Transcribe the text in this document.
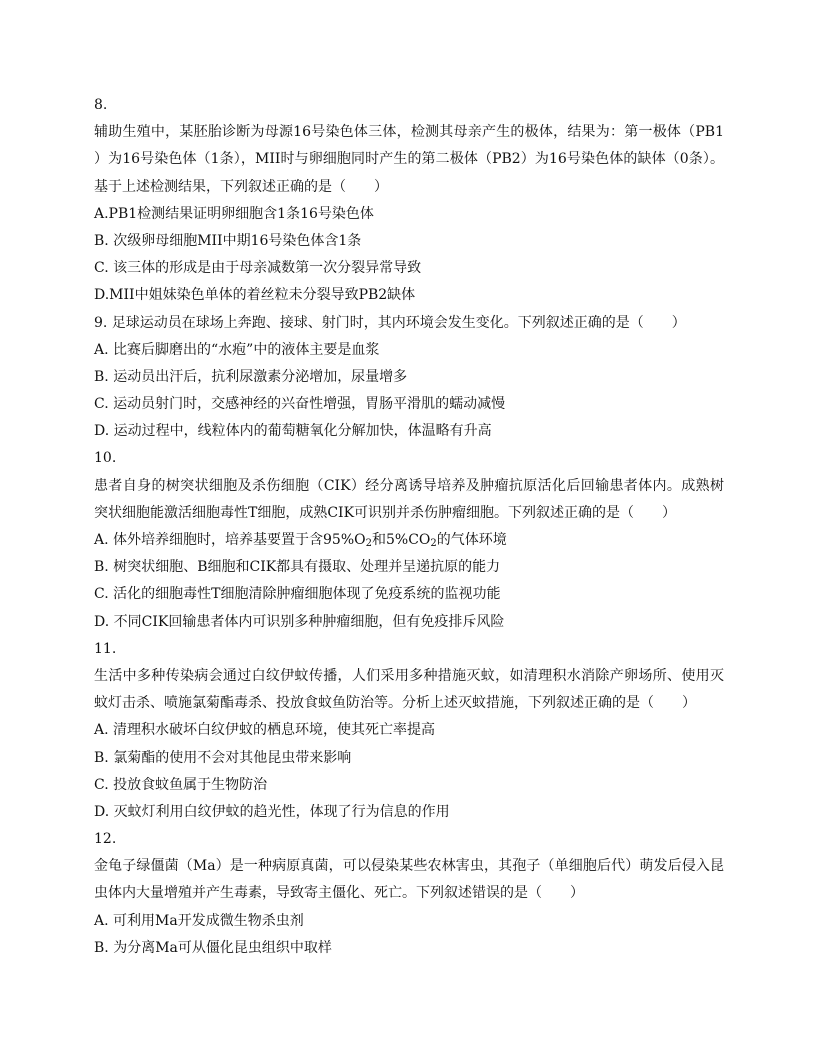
8.
辅助生殖中，某胚胎诊断为母源16号染色体三体，检测其母亲产生的极体，结果为：第一极体（PB1
）为16号染色体（1条），MII时与卵细胞同时产生的第二极体（PB2）为16号染色体的缺体（0条）。
基于上述检测结果，下列叙述正确的是（　　）
A.PB1检测结果证明卵细胞含1条16号染色体
B. 次级卵母细胞MII中期16号染色体含1条
C. 该三体的形成是由于母亲减数第一次分裂异常导致
D.MII中姐妹染色单体的着丝粒未分裂导致PB2缺体
9. 足球运动员在球场上奔跑、接球、射门时，其内环境会发生变化。下列叙述正确的是（　　）
A. 比赛后脚磨出的“水疱”中的液体主要是血浆
B. 运动员出汗后，抗利尿激素分泌增加，尿量增多
C. 运动员射门时，交感神经的兴奋性增强，胃肠平滑肌的蠕动减慢
D. 运动过程中，线粒体内的葡萄糖氧化分解加快，体温略有升高
10.
患者自身的树突状细胞及杀伤细胞（CIK）经分离诱导培养及肿瘤抗原活化后回输患者体内。成熟树
突状细胞能激活细胞毒性T细胞，成熟CIK可识别并杀伤肿瘤细胞。下列叙述正确的是（　　）
A. 体外培养细胞时，培养基要置于含$95\%O_2$和$5\%CO_2$的气体环境
B. 树突状细胞、B细胞和CIK都具有摄取、处理并呈递抗原的能力
C. 活化的细胞毒性T细胞清除肿瘤细胞体现了免疫系统的监视功能
D. 不同CIK回输患者体内可识别多种肿瘤细胞，但有免疫排斥风险
11.
生活中多种传染病会通过白纹伊蚊传播，人们采用多种措施灭蚊，如清理积水消除产卵场所、使用灭
蚊灯击杀、喷施氯菊酯毒杀、投放食蚊鱼防治等。分析上述灭蚊措施，下列叙述正确的是（　　）
A. 清理积水破坏白纹伊蚊的栖息环境，使其死亡率提高
B. 氯菊酯的使用不会对其他昆虫带来影响
C. 投放食蚊鱼属于生物防治
D. 灭蚊灯利用白纹伊蚊的趋光性，体现了行为信息的作用
12.
金龟子绿僵菌（Ma）是一种病原真菌，可以侵染某些农林害虫，其孢子（单细胞后代）萌发后侵入昆
虫体内大量增殖并产生毒素，导致寄主僵化、死亡。下列叙述错误的是（　　）
A. 可利用Ma开发成微生物杀虫剂
B. 为分离Ma可从僵化昆虫组织中取样
